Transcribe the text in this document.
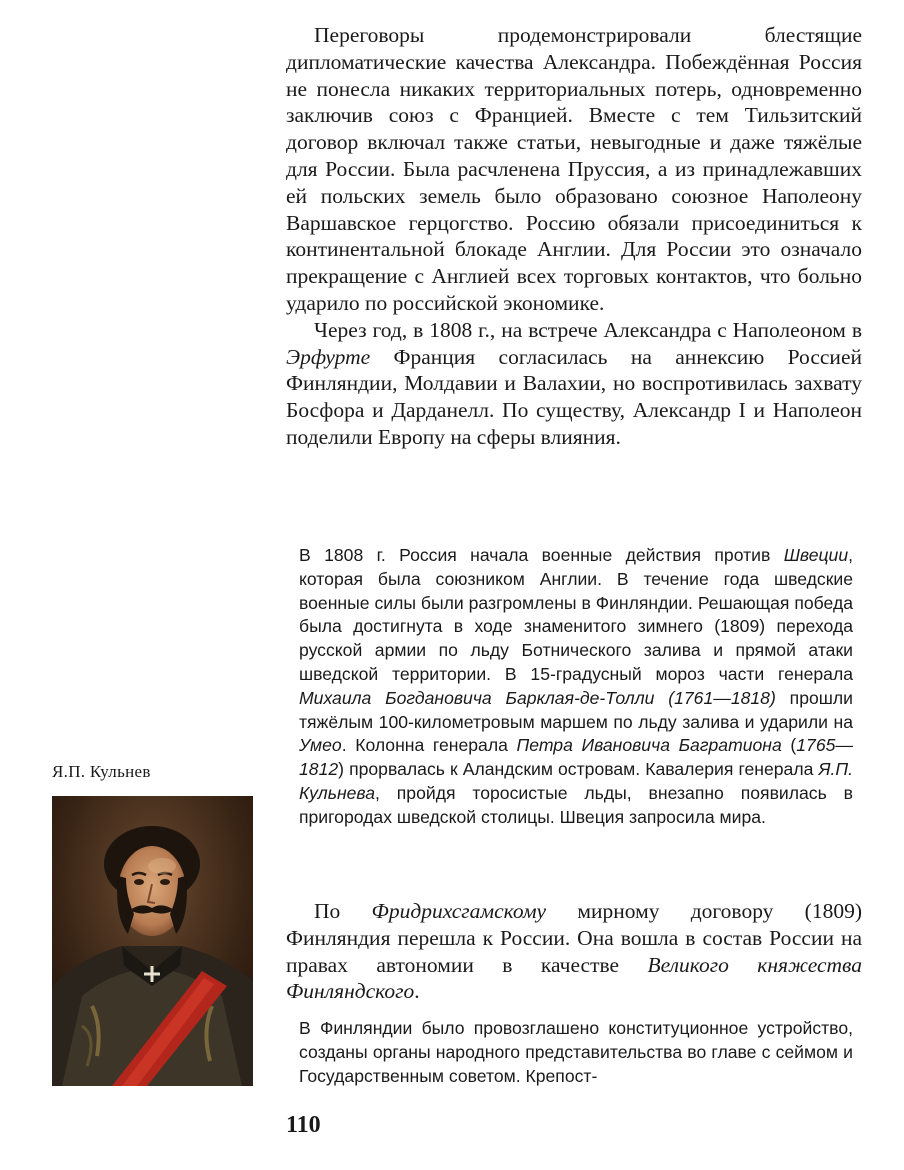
Переговоры продемонстрировали блестящие дипломатические качества Александра. Побеждённая Россия не понесла никаких территориальных потерь, одновременно заключив союз с Францией. Вместе с тем Тильзитский договор включал также статьи, невыгодные и даже тяжёлые для России. Была расчленена Пруссия, а из принадлежавших ей польских земель было образовано союзное Наполеону Варшавское герцогство. Россию обязали присоединиться к континентальной блокаде Англии. Для России это означало прекращение с Англией всех торговых контактов, что больно ударило по российской экономике.

Через год, в 1808 г., на встрече Александра с Наполеоном в Эрфурте Франция согласилась на аннексию Россией Финляндии, Молдавии и Валахии, но воспротивилась захвату Босфора и Дарданелл. По существу, Александр I и Наполеон поделили Европу на сферы влияния.

В 1808 г. Россия начала военные действия против Швеции, которая была союзником Англии. В течение года шведские военные силы были разгромлены в Финляндии. Решающая победа была достигнута в ходе знаменитого зимнего (1809) перехода русской армии по льду Ботнического залива и прямой атаки шведской территории. В 15-градусный мороз части генерала Михаила Богдановича Барклая-де-Толли (1761—1818) прошли тяжёлым 100-километровым маршем по льду залива и ударили на Умео. Колонна генерала Петра Ивановича Багратиона (1765—1812) прорвалась к Аландским островам. Кавалерия генерала Я.П. Кульнева, пройдя торосистые льды, внезапно появилась в пригородах шведской столицы. Швеция запросила мира.

По Фридрихсгамскому мирному договору (1809) Финляндия перешла к России. Она вошла в состав России на правах автономии в качестве Великого княжества Финляндского.

В Финляндии было провозглашено конституционное устройство, созданы органы народного представительства во главе с сеймом и Государственным советом. Крепост-

Я.П. Кульнев
110
